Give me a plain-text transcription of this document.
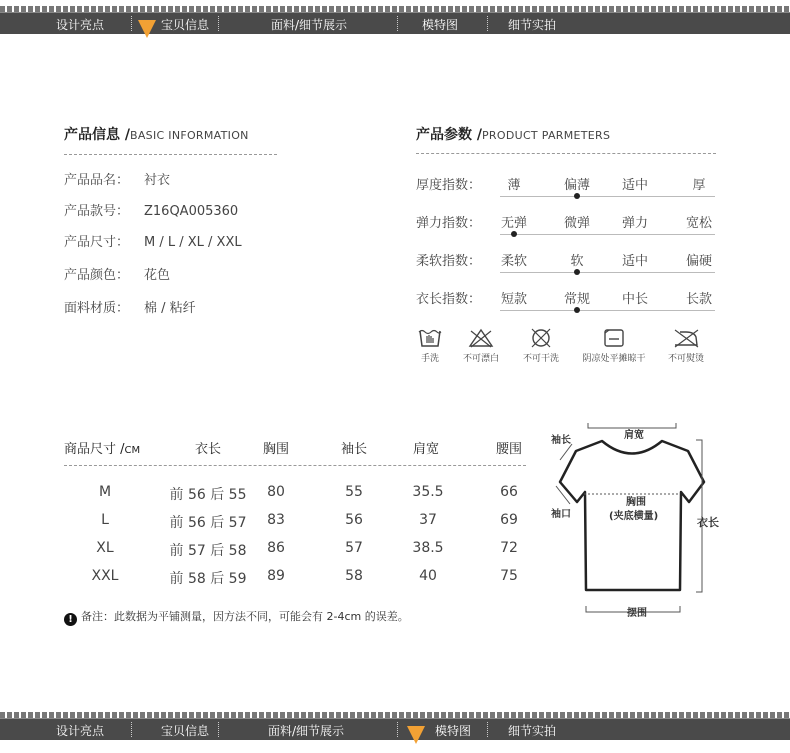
设计亮点	宝贝信息	面料/细节展示	模特图	细节实拍
产品信息 /BASIC INFORMATION
产品品名： 衬衣
产品款号： Z16QA005360
产品尺寸： M / L / XL / XXL
产品颜色： 花色
面料材质： 棉 / 粘纤
产品参数 /PRODUCT PARMETERS
厚度指数：	薄	偏薄	适中	厚
弹力指数：	无弹	微弹	弹力	宽松
柔软指数：	柔软	软	适中	偏硬
衣长指数：	短款	常规	中长	长款
手洗	不可漂白	不可干洗	阴凉处平摊晾干	不可熨烫
商品尺寸 /CM	衣长	胸围	袖长	肩宽	腰围
M	前 56 后 55	80	55	35.5	66
L	前 56 后 57	83	56	37	69
XL	前 57 后 58	86	57	38.5	72
XXL	前 58 后 59	89	58	40	75
! 备注：此数据为平铺测量，因方法不同，可能会有 2-4cm 的误差。
肩宽
袖长
袖口
胸围
(夹底横量)	衣长
摆围
设计亮点	宝贝信息	面料/细节展示	模特图	细节实拍
